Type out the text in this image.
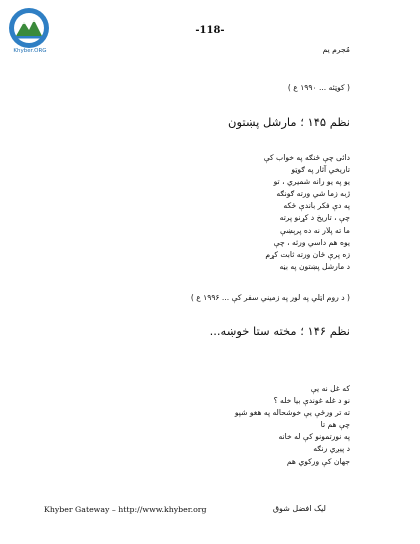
Khyber.ORG
-118-
مُجرم یم
( کوټئه ... ۱۹۹۰ ع )
نظم ۱۴۵ ؛ مارشل پښتون
دائی چې ځنګه په خواب کې
تاریخي آثار په ګوټو
یو په یو رانه شمیري ، تو
ژبه زما شي ورته ګونګه
په دې فکر باندې ځکه
چې ، تاریخ د کړنو پرته
ما ته پلار نه ده پرېښې
یوه هم داسي ورثه ، چې
زه پرې ځان ورته ثابت کړم
د مارشل پښتون په بڼه
( د روم اټلي په لور په زمیني سفر کې ... ۱۹۹۶ ع )
نظم ۱۴۶ ؛ مخته ستا خوښه...
که غل نه یې
نو د غله غوندې بیا خله ؟
ته تر ورځې یې خوشحاله په هغو شپو
چې هم تا
په نورتمونو کې له خانه
د پیږي رنګه
جهان کې ورکوي هم
Khyber Gateway – http://www.khyber.org	لیک افضل شوق
